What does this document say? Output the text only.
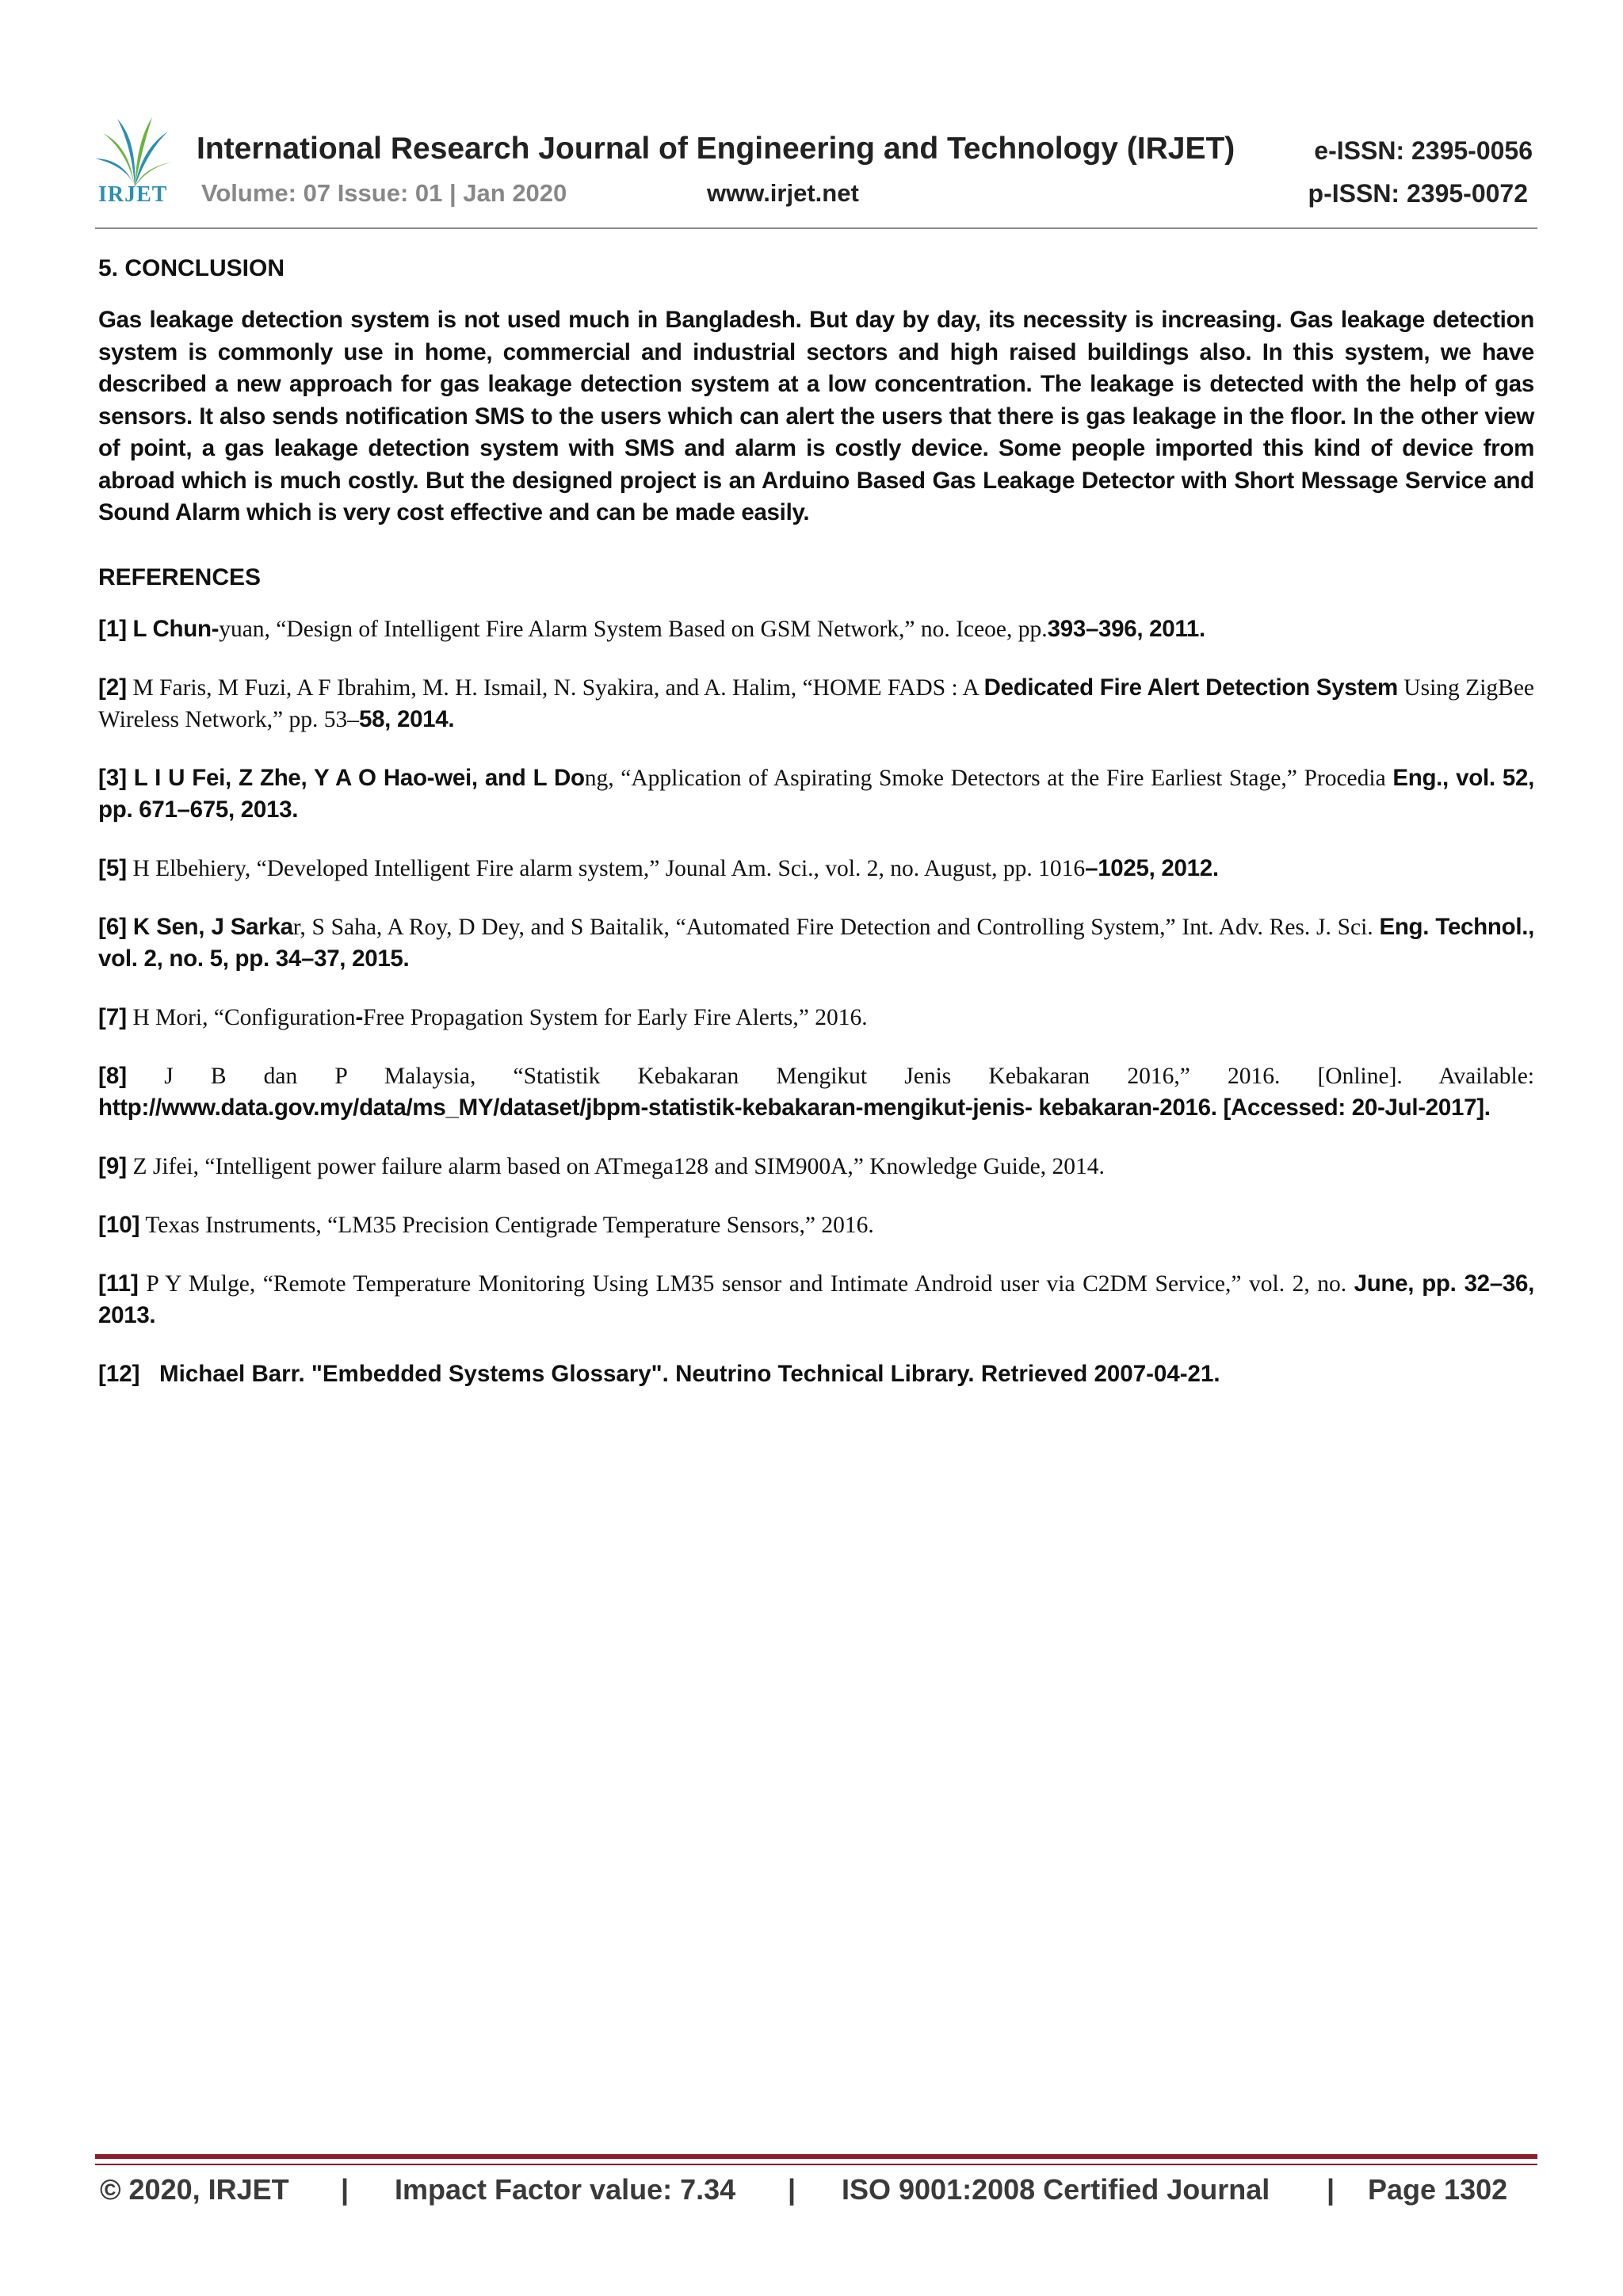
IRJET
International Research Journal of Engineering and Technology (IRJET)	e-ISSN: 2395-0056
Volume: 07 Issue: 01 | Jan 2020	www.irjet.net	p-ISSN: 2395-0072
5. CONCLUSION
Gas leakage detection system is not used much in Bangladesh. But day by day, its necessity is increasing. Gas leakage detection system is commonly use in home, commercial and industrial sectors and high raised buildings also. In this system, we have described a new approach for gas leakage detection system at a low concentration. The leakage is detected with the help of gas sensors. It also sends notification SMS to the users which can alert the users that there is gas leakage in the floor. In the other view of point, a gas leakage detection system with SMS and alarm is costly device. Some people imported this kind of device from abroad which is much costly. But the designed project is an Arduino Based Gas Leakage Detector with Short Message Service and Sound Alarm which is very cost effective and can be made easily.
REFERENCES
[1] L Chun-yuan, “Design of Intelligent Fire Alarm System Based on GSM Network,” no. Iceoe, pp.393–396, 2011.
[2] M Faris, M Fuzi, A F Ibrahim, M. H. Ismail, N. Syakira, and A. Halim, “HOME FADS : A Dedicated Fire Alert Detection System Using ZigBee Wireless Network,” pp. 53–58, 2014.
[3] L I U Fei, Z Zhe, Y A O Hao-wei, and L Dong, “Application of Aspirating Smoke Detectors at the Fire Earliest Stage,” Procedia Eng., vol. 52, pp. 671–675, 2013.
[5] H Elbehiery, “Developed Intelligent Fire alarm system,” Jounal Am. Sci., vol. 2, no. August, pp. 1016–1025, 2012.
[6] K Sen, J Sarkar, S Saha, A Roy, D Dey, and S Baitalik, “Automated Fire Detection and Controlling System,” Int. Adv. Res. J. Sci. Eng. Technol., vol. 2, no. 5, pp. 34–37, 2015.
[7] H Mori, “Configuration-Free Propagation System for Early Fire Alerts,” 2016.
[8] J B dan P Malaysia, “Statistik Kebakaran Mengikut Jenis Kebakaran 2016,” 2016. [Online]. Available: http://www.data.gov.my/data/ms_MY/dataset/jbpm-statistik-kebakaran-mengikut-jenis- kebakaran-2016. [Accessed: 20-Jul-2017].
[9] Z Jifei, “Intelligent power failure alarm based on ATmega128 and SIM900A,” Knowledge Guide, 2014.
[10] Texas Instruments, “LM35 Precision Centigrade Temperature Sensors,” 2016.
[11] P Y Mulge, “Remote Temperature Monitoring Using LM35 sensor and Intimate Android user via C2DM Service,” vol. 2, no. June, pp. 32–36, 2013.
[12]   Michael Barr. "Embedded Systems Glossary". Neutrino Technical Library. Retrieved 2007-04-21.
© 2020, IRJET | Impact Factor value: 7.34 | ISO 9001:2008 Certified Journal | Page 1302
